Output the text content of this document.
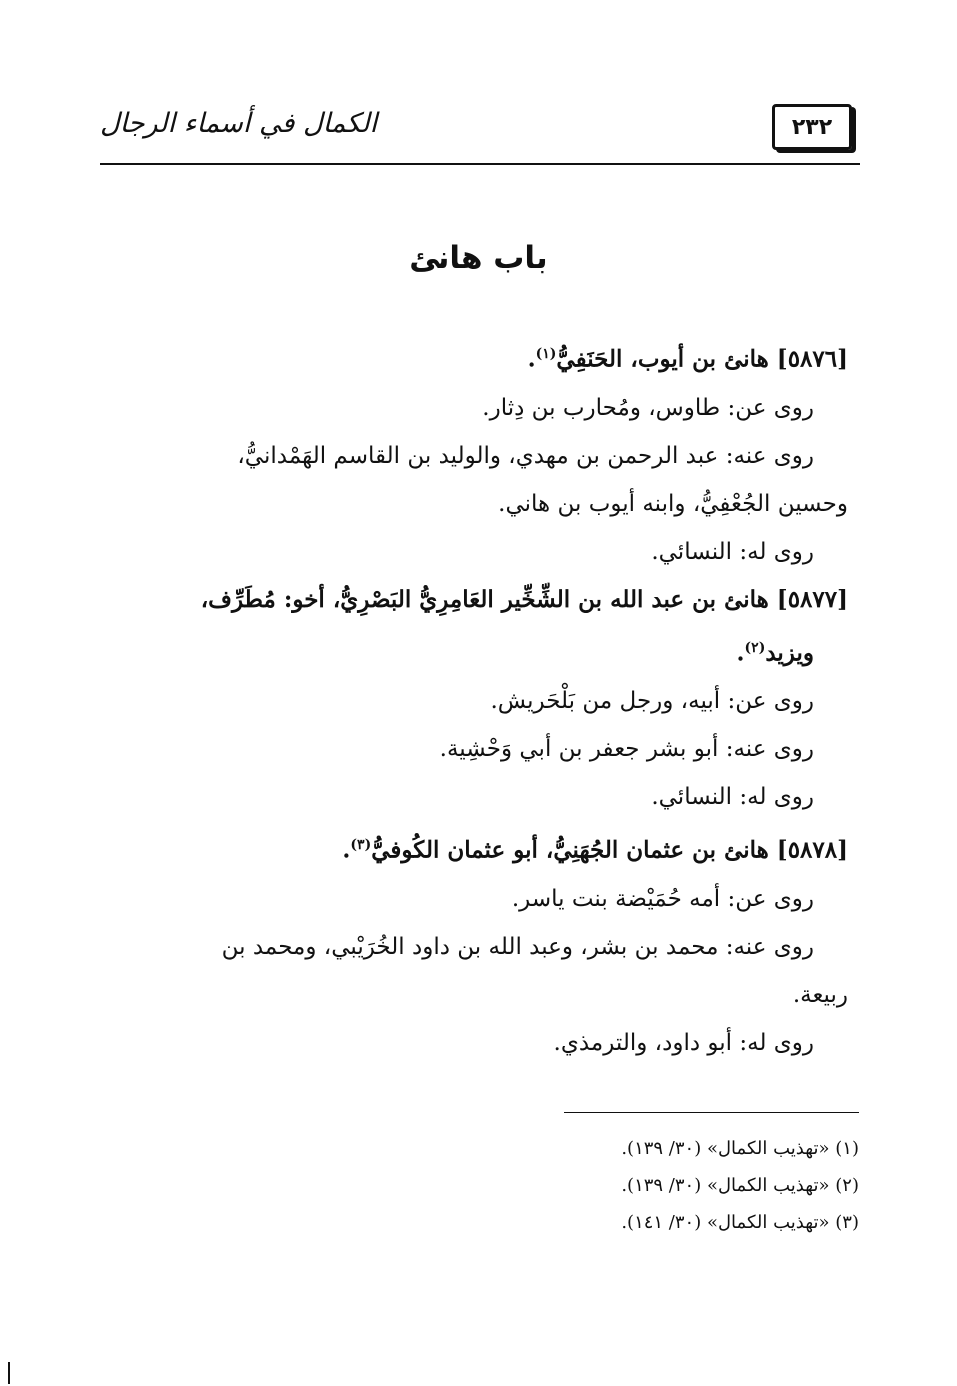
الكمال في أسماء الرجال	٢٣٢
باب هانئ

[٥٨٧٦] هانئ بن أيوب، الحَنَفِيُّ$^{(١)}$.

روى عن: طاوس، ومُحارب بن دِثار.

روى عنه: عبد الرحمن بن مهدي، والوليد بن القاسم الهَمْدانيُّ،

وحسين الجُعْفِيُّ، وابنه أيوب بن هاني.

روى له: النسائي.

[٥٨٧٧] هانئ بن عبد الله بن الشِّخِّير العَامِرِيُّ البَصْرِيُّ، أخو: مُطَرِّف،

ويزيد$^{(٢)}$.

روى عن: أبيه، ورجل من بَلْحَريش.

روى عنه: أبو بشر جعفر بن أبي وَحْشِية.

روى له: النسائي.

[٥٨٧٨] هانئ بن عثمان الجُهَنِيُّ، أبو عثمان الكُوفيُّ$^{(٣)}$.

روى عن: أمه حُمَيْضة بنت ياسر.

روى عنه: محمد بن بشر، وعبد الله بن داود الخُرَيْبي، ومحمد بن

ربيعة.

روى له: أبو داود، والترمذي.

(١) «تهذيب الكمال» (٣٠/ ١٣٩).

(٢) «تهذيب الكمال» (٣٠/ ١٣٩).

(٣) «تهذيب الكمال» (٣٠/ ١٤١).
